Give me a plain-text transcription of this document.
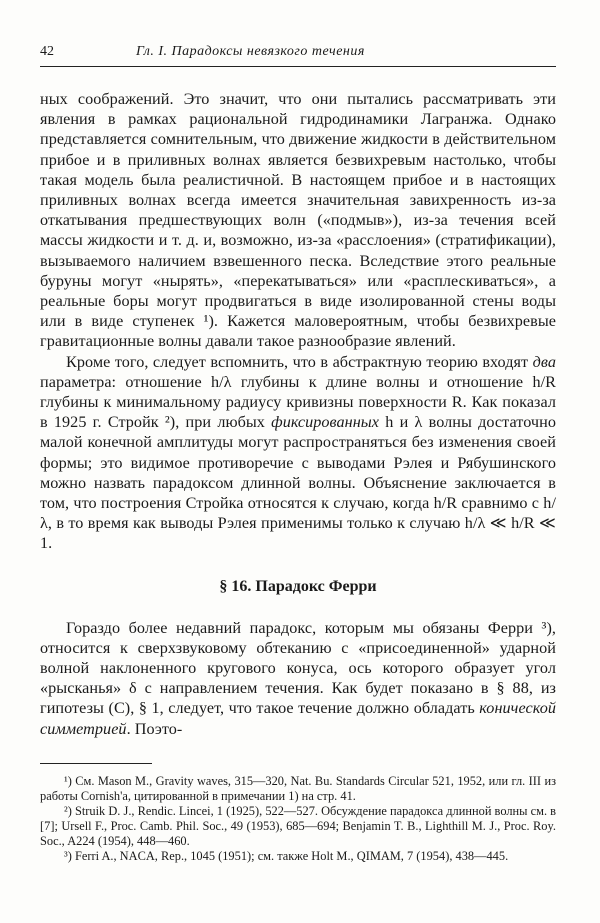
42	Гл. I. Парадоксы невязкого течения

ных соображений. Это значит, что они пытались рассматривать эти явления в рамках рациональной гидродинамики Лагранжа. Однако представляется сомнительным, что движение жидкости в действительном прибое и в приливных волнах является безвихревым настолько, чтобы такая модель была реалистичной. В настоящем прибое и в настоящих приливных волнах всегда имеется значительная завихренность из-за откатывания предшествующих волн («подмыв»), из-за течения всей массы жидкости и т. д. и, возможно, из-за «расслоения» (стратификации), вызываемого наличием взвешенного песка. Вследствие этого реальные буруны могут «нырять», «перекатываться» или «расплескиваться», а реальные боры могут продвигаться в виде изолированной стены воды или в виде ступенек ¹). Кажется маловероятным, чтобы безвихревые гравитационные волны давали такое разнообразие явлений.

Кроме того, следует вспомнить, что в абстрактную теорию входят два параметра: отношение h/λ глубины к длине волны и отношение h/R глубины к минимальному радиусу кривизны поверхности R. Как показал в 1925 г. Стройк ²), при любых фиксированных h и λ волны достаточно малой конечной амплитуды могут распространяться без изменения своей формы; это видимое противоречие с выводами Рэлея и Рябушинского можно назвать парадоксом длинной волны. Объяснение заключается в том, что построения Стройка относятся к случаю, когда h/R сравнимо с h/λ, в то время как выводы Рэлея применимы только к случаю h/λ ≪ h/R ≪ 1.

§ 16. Парадокс Ферри

Гораздо более недавний парадокс, которым мы обязаны Ферри ³), относится к сверхзвуковому обтеканию с «присоединенной» ударной волной наклоненного кругового конуса, ось которого образует угол «рысканья» δ с направлением течения. Как будет показано в § 88, из гипотезы (С), § 1, следует, что такое течение должно обладать конической симметрией. Поэто-

¹) См. Mason M., Gravity waves, 315—320, Nat. Bu. Standards Circular 521, 1952, или гл. III из работы Cornish'а, цитированной в примечании 1) на стр. 41.

²) Struik D. J., Rendic. Lincei, 1 (1925), 522—527. Обсуждение парадокса длинной волны см. в [7]; Ursell F., Proc. Camb. Phil. Soc., 49 (1953), 685—694; Benjamin T. B., Lighthill M. J., Proc. Roy. Soc., A224 (1954), 448—460.

³) Ferri A., NACA, Rep., 1045 (1951); см. также Holt M., QIMAM, 7 (1954), 438—445.
